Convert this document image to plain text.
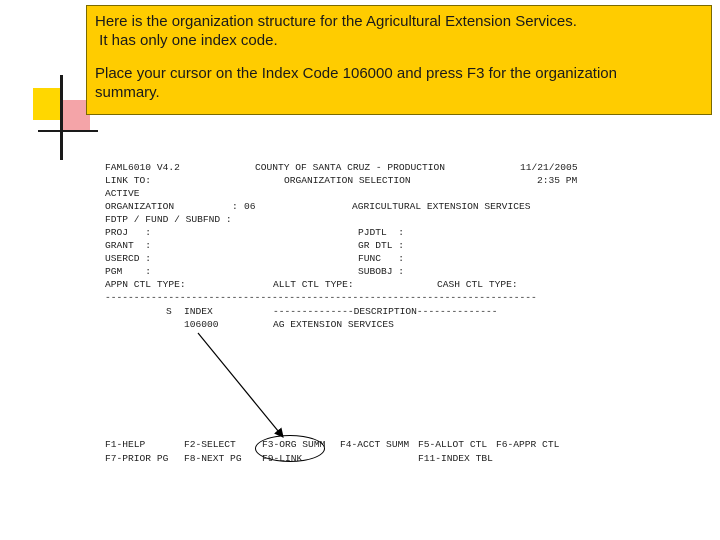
Here is the organization structure for the Agricultural Extension Services.

It has only one index code.

Place your cursor on the Index Code 106000 and press F3 for the organization

summary.

FAML6010 V4.2	COUNTY OF SANTA CRUZ - PRODUCTION	11/21/2005
LINK TO:	ORGANIZATION SELECTION	2:35 PM
ACTIVE
ORGANIZATION	: 06	AGRICULTURAL EXTENSION SERVICES
FDTP / FUND / SUBFND :
PROJ   :	PJDTL  :
GRANT  :	GR DTL :
USERCD :	FUNC   :
PGM    :	SUBOBJ :
APPN CTL TYPE:	ALLT CTL TYPE:	CASH CTL TYPE:
---------------------------------------------------------------------------
S INDEX	--------------DESCRIPTION--------------
106000	AG EXTENSION SERVICES
F1-HELP	F2-SELECT	F3-ORG SUMM F4-ACCT SUMM F5-ALLOT CTL F6-APPR CTL
F7-PRIOR PG F8-NEXT PG F9-LINK	F11-INDEX TBL
